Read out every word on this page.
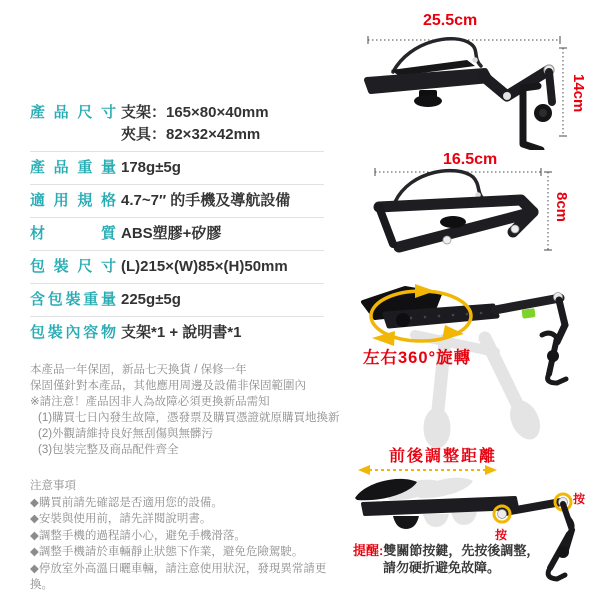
產品尺寸 支架：165×80×40mm
夾具：82×32×42mm
產品重量 178g±5g
適用規格 4.7~7″ 的手機及導航設備
材質 ABS塑膠+矽膠
包裝尺寸 (L)215×(W)85×(H)50mm
含包裝重量 225g±5g
包裝內容物 支架*1 + 說明書*1
本產品一年保固，新品七天換貨 / 保修一年
保固僅針對本產品，其他應用周邊及設備非保固範圍內
※請注意！產品因非人為故障必須更換新品需知
(1)購買七日內發生故障，憑發票及購買憑證就原購買地換新
(2)外觀請維持良好無刮傷與無髒污
(3)包裝完整及商品配件齊全
注意事項
◆購買前請先確認是否適用您的設備。
◆安裝與使用前，請先詳閱說明書。
◆調整手機的過程請小心，避免手機滑落。
◆調整手機請於車輛靜止狀態下作業，避免危險駕駛。
◆停放室外高溫日曬車輛，請注意使用狀況，發現異常請更換。
25.5cm
14cm
16.5cm
8cm
左右360°旋轉
前後調整距離
按
按
提醒:雙關節按鍵，先按後調整，
請勿硬折避免故障。
